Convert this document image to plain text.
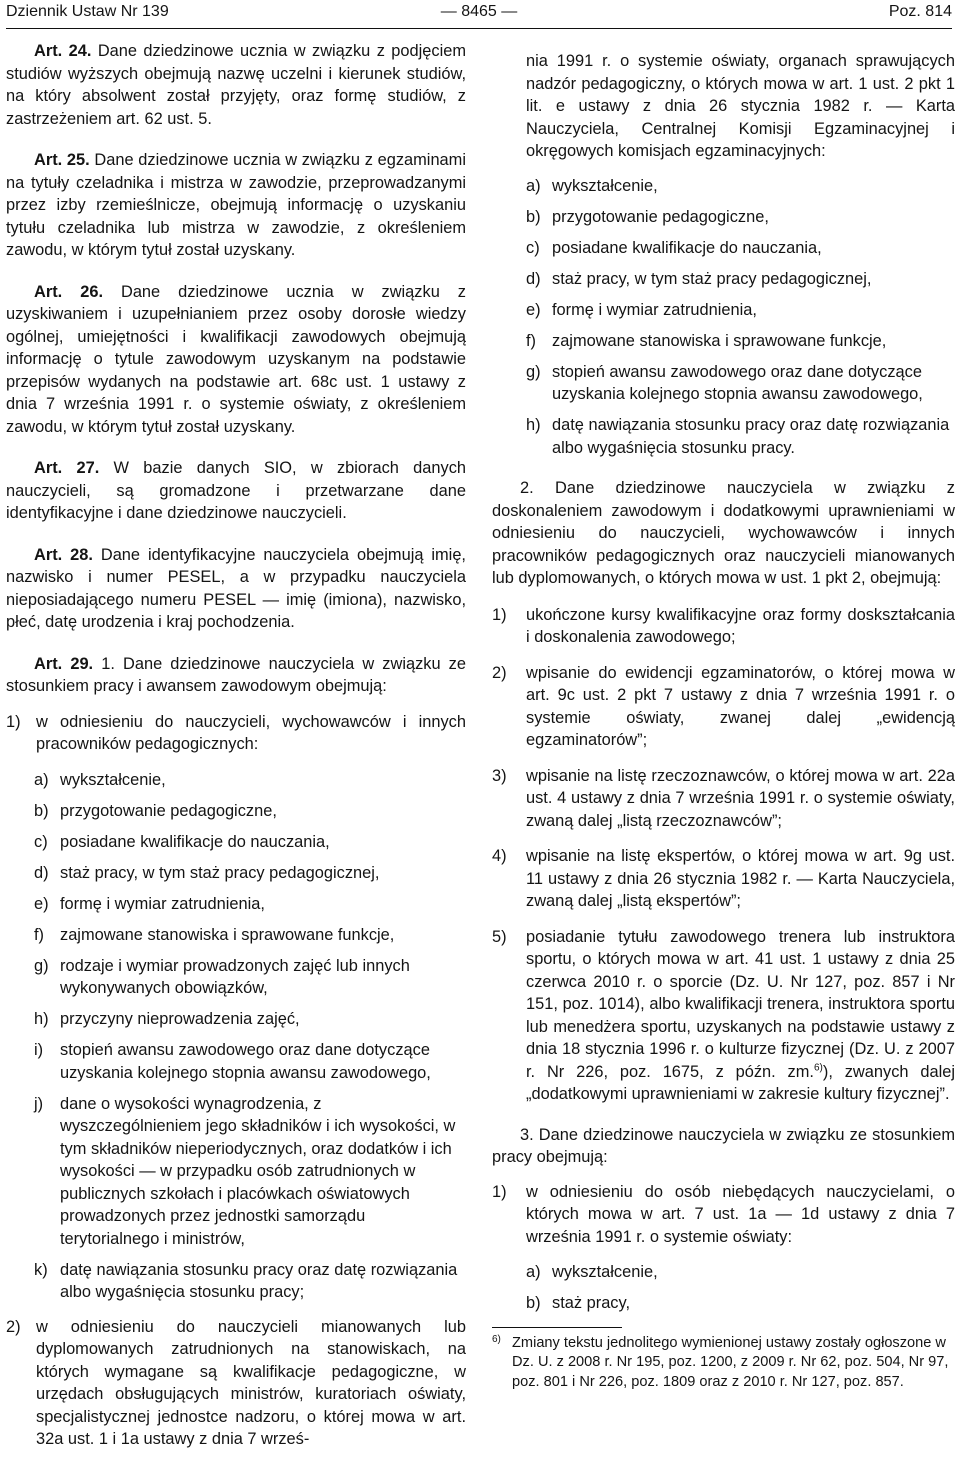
Dziennik Ustaw Nr 139	— 8465 —	Poz. 814

Art. 24. Dane dziedzinowe ucznia w związku z podjęciem studiów wyższych obejmują nazwę uczelni i kierunek studiów, na który absolwent został przyjęty, oraz formę studiów, z zastrzeżeniem art. 62 ust. 5.

Art. 25. Dane dziedzinowe ucznia w związku z egzaminami na tytuły czeladnika i mistrza w zawodzie, przeprowadzanymi przez izby rzemieślnicze, obejmują informację o uzyskaniu tytułu czeladnika lub mistrza w zawodzie, z określeniem zawodu, w którym tytuł został uzyskany.

Art. 26. Dane dziedzinowe ucznia w związku z uzyskiwaniem i uzupełnianiem przez osoby dorosłe wiedzy ogólnej, umiejętności i kwalifikacji zawodowych obejmują informację o tytule zawodowym uzyskanym na podstawie przepisów wydanych na podstawie art. 68c ust. 1 ustawy z dnia 7 września 1991 r. o systemie oświaty, z określeniem zawodu, w którym tytuł został uzyskany.

Art. 27. W bazie danych SIO, w zbiorach danych nauczycieli, są gromadzone i przetwarzane dane identyfikacyjne i dane dziedzinowe nauczycieli.

Art. 28. Dane identyfikacyjne nauczyciela obejmują imię, nazwisko i numer PESEL, a w przypadku nauczyciela nieposiadającego numeru PESEL — imię (imiona), nazwisko, płeć, datę urodzenia i kraj pochodzenia.

Art. 29. 1. Dane dziedzinowe nauczyciela w związku ze stosunkiem pracy i awansem zawodowym obejmują:

1) w odniesieniu do nauczycieli, wychowawców i innych pracowników pedagogicznych:
a) wykształcenie,
b) przygotowanie pedagogiczne,
c) posiadane kwalifikacje do nauczania,
d) staż pracy, w tym staż pracy pedagogicznej,
e) formę i wymiar zatrudnienia,
f) zajmowane stanowiska i sprawowane funkcje,
g) rodzaje i wymiar prowadzonych zajęć lub innych wykonywanych obowiązków,
h) przyczyny nieprowadzenia zajęć,
i) stopień awansu zawodowego oraz dane dotyczące uzyskania kolejnego stopnia awansu zawodowego,
j) dane o wysokości wynagrodzenia, z wyszczególnieniem jego składników i ich wysokości, w tym składników nieperiodycznych, oraz dodatków i ich wysokości — w przypadku osób zatrudnionych w publicznych szkołach i placówkach oświatowych prowadzonych przez jednostki samorządu terytorialnego i ministrów,
k) datę nawiązania stosunku pracy oraz datę rozwiązania albo wygaśnięcia stosunku pracy;
2) w odniesieniu do nauczycieli mianowanych lub dyplomowanych zatrudnionych na stanowiskach, na których wymagane są kwalifikacje pedagogiczne, w urzędach obsługujących ministrów, kuratoriach oświaty, specjalistycznej jednostce nadzoru, o której mowa w art. 32a ust. 1 i 1a ustawy z dnia 7 wrześ-

nia 1991 r. o systemie oświaty, organach sprawujących nadzór pedagogiczny, o których mowa w art. 1 ust. 2 pkt 1 lit. e ustawy z dnia 26 stycznia 1982 r. — Karta Nauczyciela, Centralnej Komisji Egzaminacyjnej i okręgowych komisjach egzaminacyjnych:

a) wykształcenie,
b) przygotowanie pedagogiczne,
c) posiadane kwalifikacje do nauczania,
d) staż pracy, w tym staż pracy pedagogicznej,
e) formę i wymiar zatrudnienia,
f) zajmowane stanowiska i sprawowane funkcje,
g) stopień awansu zawodowego oraz dane dotyczące uzyskania kolejnego stopnia awansu zawodowego,
h) datę nawiązania stosunku pracy oraz datę rozwiązania albo wygaśnięcia stosunku pracy.

2. Dane dziedzinowe nauczyciela w związku z doskonaleniem zawodowym i dodatkowymi uprawnieniami w odniesieniu do nauczycieli, wychowawców i innych pracowników pedagogicznych oraz nauczycieli mianowanych lub dyplomowanych, o których mowa w ust. 1 pkt 2, obejmują:

1) ukończone kursy kwalifikacyjne oraz formy doskształcania i doskonalenia zawodowego;
2) wpisanie do ewidencji egzaminatorów, o której mowa w art. 9c ust. 2 pkt 7 ustawy z dnia 7 września 1991 r. o systemie oświaty, zwanej dalej „ewidencją egzaminatorów”;
3) wpisanie na listę rzeczoznawców, o której mowa w art. 22a ust. 4 ustawy z dnia 7 września 1991 r. o systemie oświaty, zwaną dalej „listą rzeczoznawców”;
4) wpisanie na listę ekspertów, o której mowa w art. 9g ust. 11 ustawy z dnia 26 stycznia 1982 r. — Karta Nauczyciela, zwaną dalej „listą ekspertów”;
5) posiadanie tytułu zawodowego trenera lub instruktora sportu, o których mowa w art. 41 ust. 1 ustawy z dnia 25 czerwca 2010 r. o sporcie (Dz. U. Nr 127, poz. 857 i Nr 151, poz. 1014), albo kwalifikacji trenera, instruktora sportu lub menedżera sportu, uzyskanych na podstawie ustawy z dnia 18 stycznia 1996 r. o kulturze fizycznej (Dz. U. z 2007 r. Nr 226, poz. 1675, z późn. zm.$^{6)}$), zwanych dalej „dodatkowymi uprawnieniami w zakresie kultury fizycznej”.

3. Dane dziedzinowe nauczyciela w związku ze stosunkiem pracy obejmują:

1) w odniesieniu do osób niebędących nauczycielami, o których mowa w art. 7 ust. 1a — 1d ustawy z dnia 7 września 1991 r. o systemie oświaty:
a) wykształcenie,
b) staż pracy,
6) Zmiany tekstu jednolitego wymienionej ustawy zostały ogłoszone w Dz. U. z 2008 r. Nr 195, poz. 1200, z 2009 r. Nr 62, poz. 504, Nr 97, poz. 801 i Nr 226, poz. 1809 oraz z 2010 r. Nr 127, poz. 857.
